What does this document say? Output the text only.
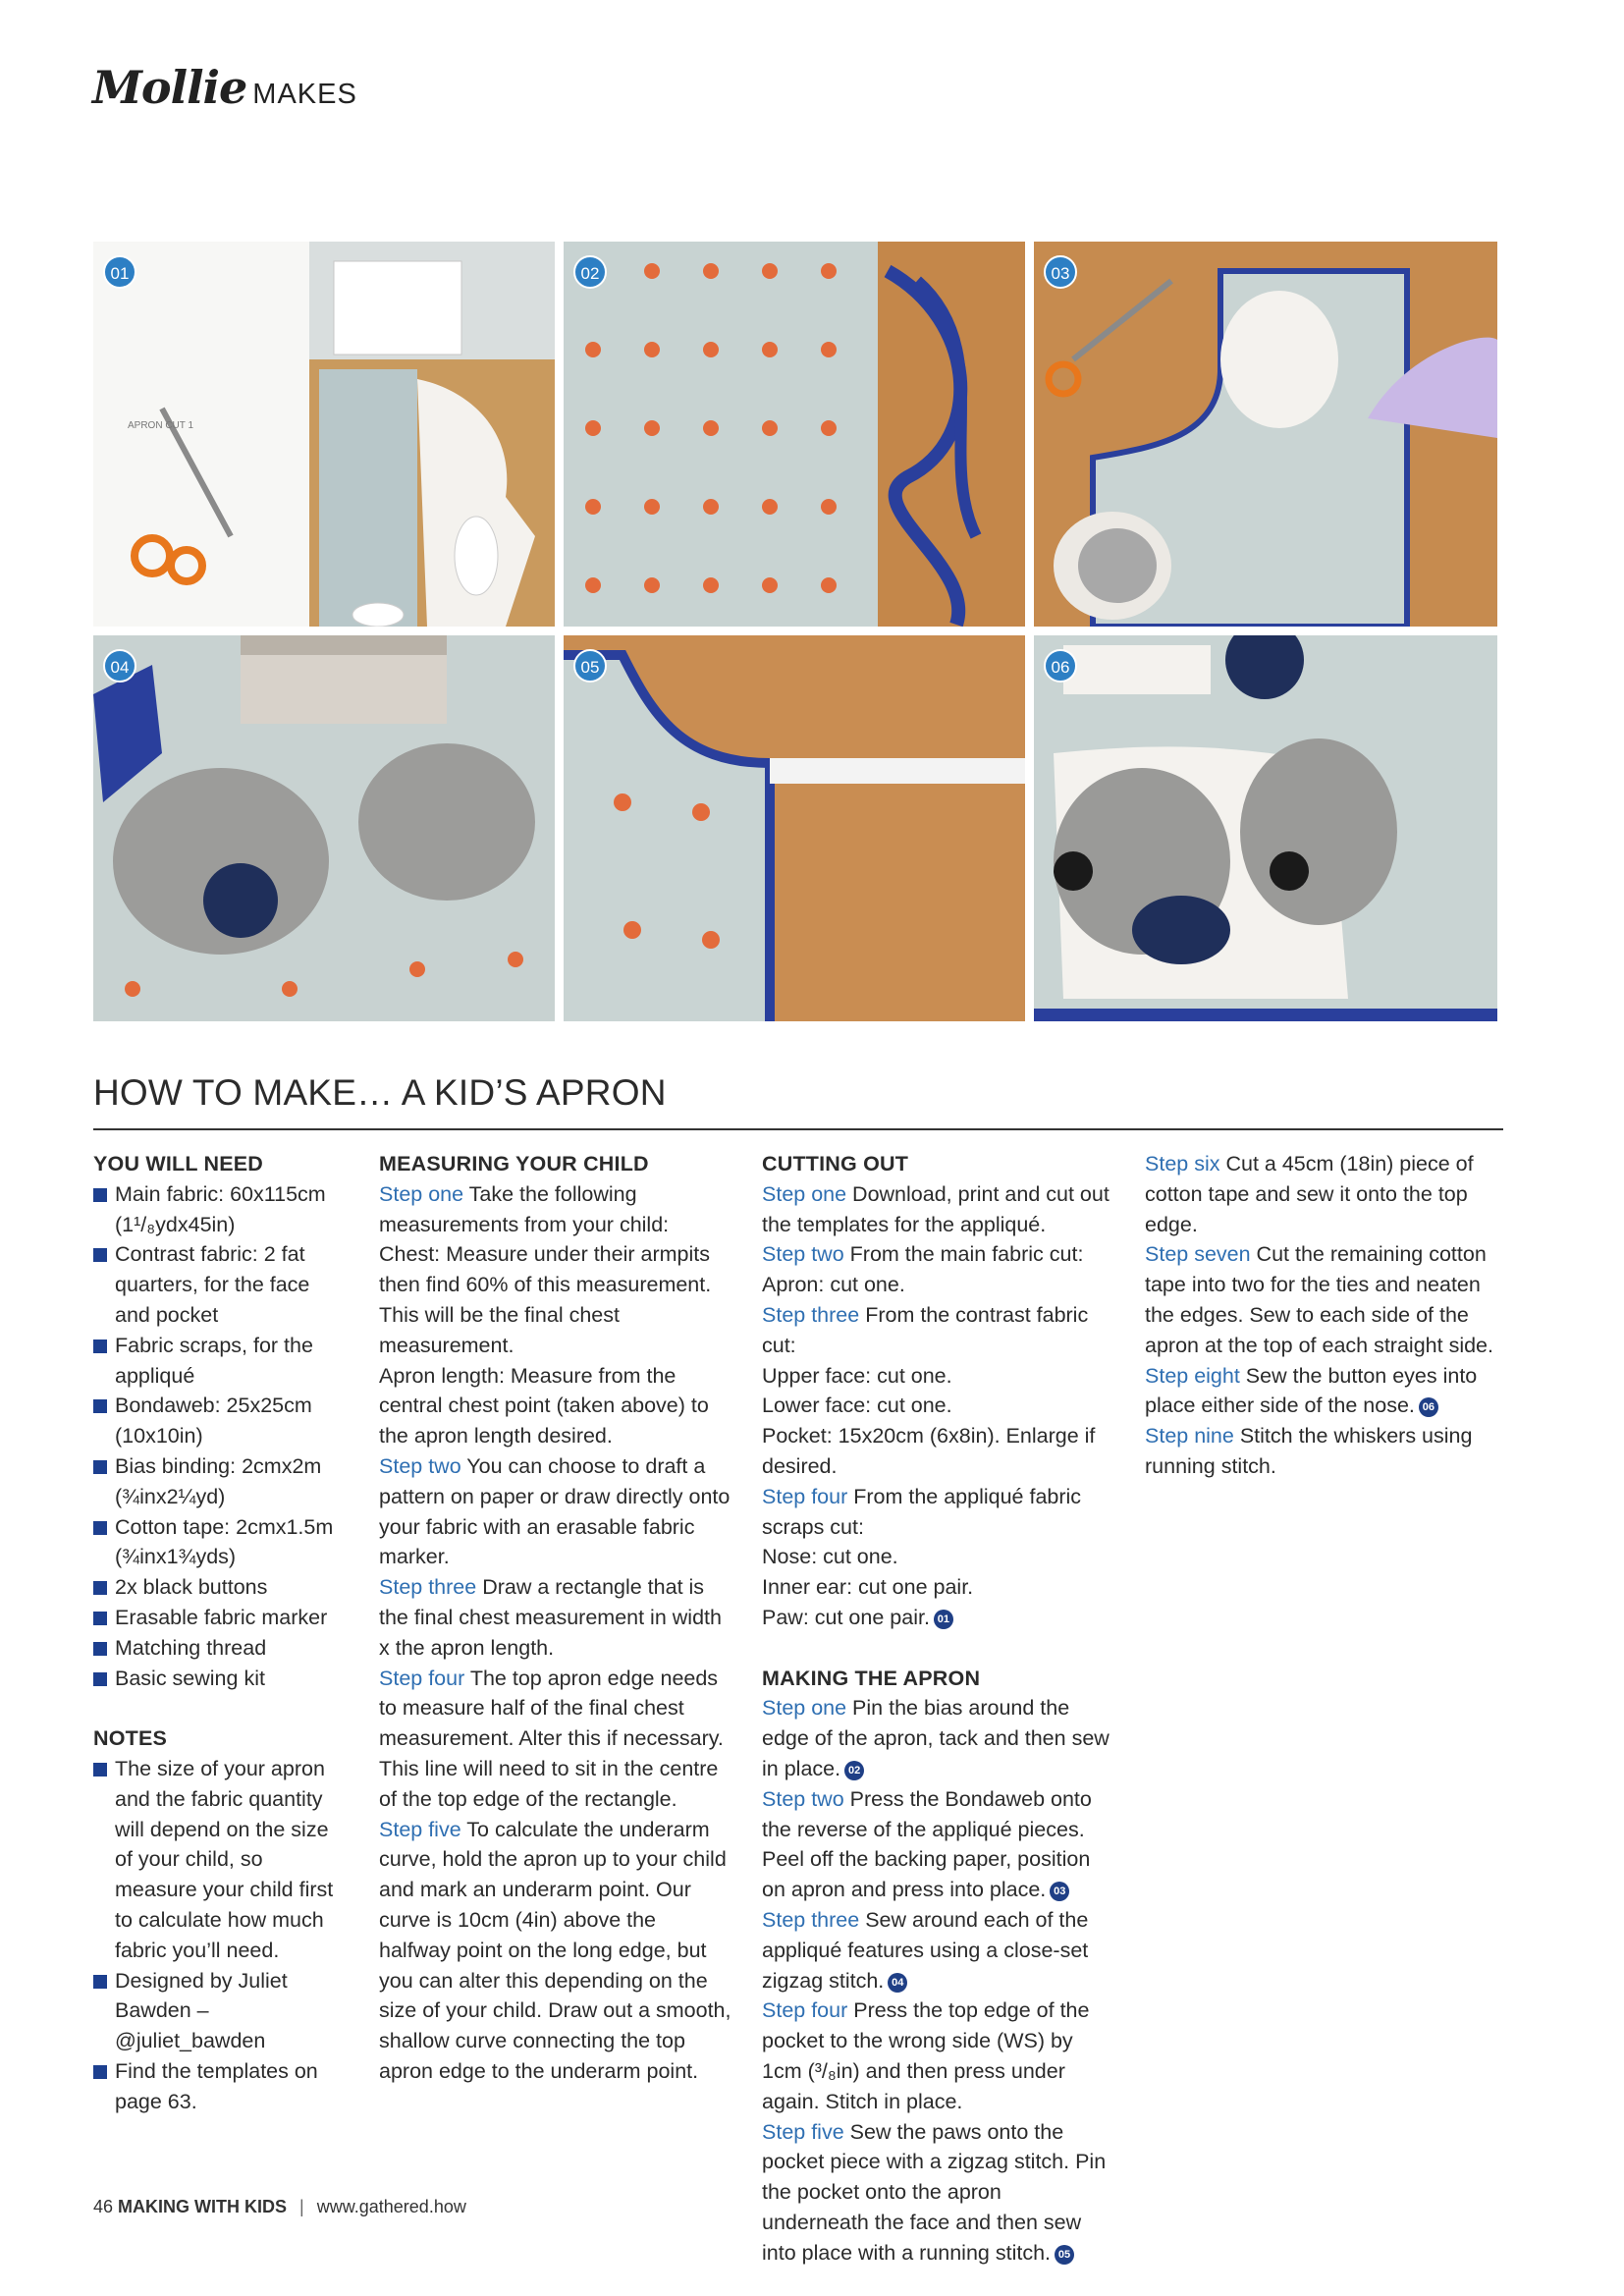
Mollie MAKES
APRON CUT 1
01	02	03
04	05	06
HOW TO MAKE… A KID’S APRON

YOU WILL NEED

Main fabric: 60x115cm (1¹/₈ydx45in)
Contrast fabric: 2 fat quarters, for the face and pocket
Fabric scraps, for the appliqué
Bondaweb: 25x25cm (10x10in)
Bias binding: 2cmx2m (¾inx2¼yd)
Cotton tape: 2cmx1.5m (¾inx1¾yds)
2x black buttons
Erasable fabric marker
Matching thread
Basic sewing kit

NOTES

The size of your apron and the fabric quantity will depend on the size of your child, so measure your child first to calculate how much fabric you’ll need.
Designed by Juliet Bawden – @juliet_bawden
Find the templates on page 63.

MEASURING YOUR CHILD

Step one Take the following measurements from your child:

Chest: Measure under their armpits then find 60% of this measurement. This will be the final chest measurement.

Apron length: Measure from the central chest point (taken above) to the apron length desired.

Step two You can choose to draft a pattern on paper or draw directly onto your fabric with an erasable fabric marker.

Step three Draw a rectangle that is the final chest measurement in width x the apron length.

Step four The top apron edge needs to measure half of the final chest measurement. Alter this if necessary. This line will need to sit in the centre of the top edge of the rectangle.

Step five To calculate the underarm curve, hold the apron up to your child and mark an underarm point. Our curve is 10cm (4in) above the halfway point on the long edge, but you can alter this depending on the size of your child. Draw out a smooth, shallow curve connecting the top apron edge to the underarm point.

CUTTING OUT

Step one Download, print and cut out the templates for the appliqué.

Step two From the main fabric cut:

Apron: cut one.

Step three From the contrast fabric cut:

Upper face: cut one.

Lower face: cut one.

Pocket: 15x20cm (6x8in). Enlarge if desired.

Step four From the appliqué fabric scraps cut:

Nose: cut one.

Inner ear: cut one pair.

Paw: cut one pair. 01

MAKING THE APRON

Step one Pin the bias around the edge of the apron, tack and then sew in place. 02

Step two Press the Bondaweb onto the reverse of the appliqué pieces. Peel off the backing paper, position on apron and press into place. 03

Step three Sew around each of the appliqué features using a close-set zigzag stitch. 04

Step four Press the top edge of the pocket to the wrong side (WS) by 1cm (³/₈in) and then press under again. Stitch in place.

Step five Sew the paws onto the pocket piece with a zigzag stitch. Pin the pocket onto the apron underneath the face and then sew into place with a running stitch. 05

Step six Cut a 45cm (18in) piece of cotton tape and sew it onto the top edge.

Step seven Cut the remaining cotton tape into two for the ties and neaten the edges. Sew to each side of the apron at the top of each straight side.

Step eight Sew the button eyes into place either side of the nose. 06

Step nine Stitch the whiskers using running stitch.

46 MAKING WITH KIDS | www.gathered.how
